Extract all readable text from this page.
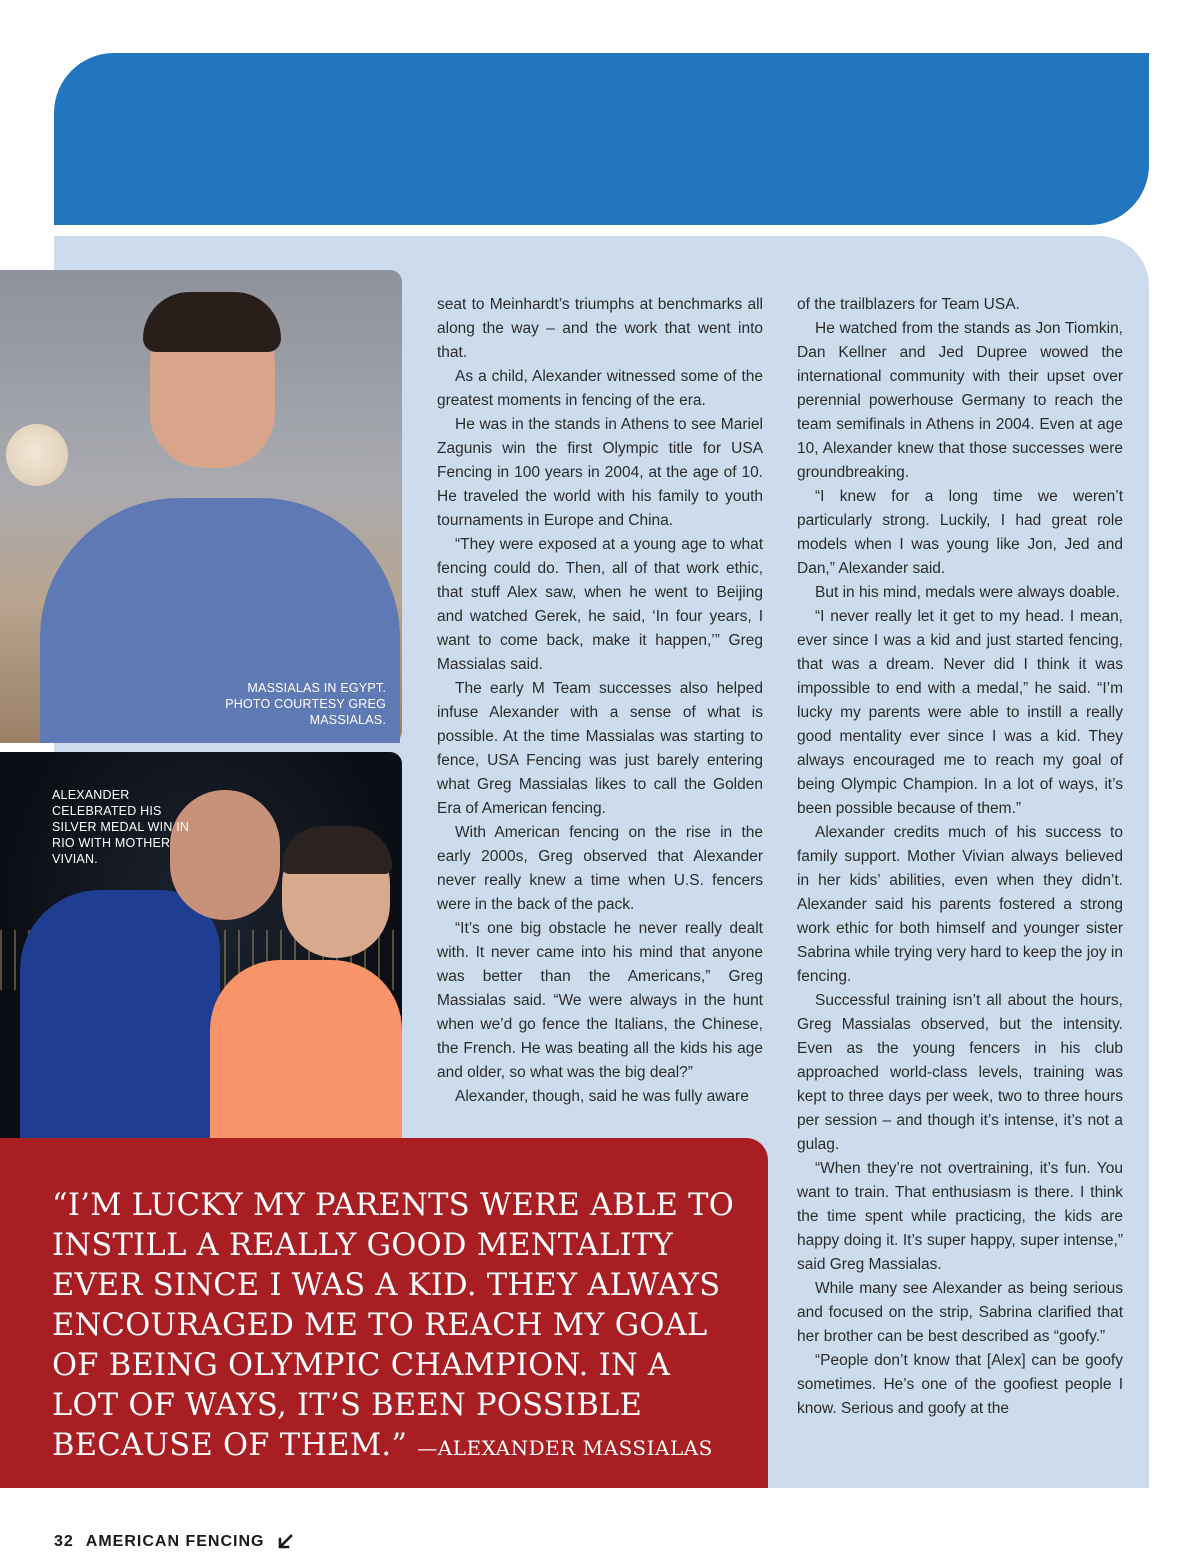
MASSIALAS IN EGYPT. PHOTO COURTESY GREG MASSIALAS.
ALEXANDER CELEBRATED HIS SILVER MEDAL WIN IN RIO WITH MOTHER VIVIAN.

seat to Meinhardt’s triumphs at benchmarks all along the way – and the work that went into that.

As a child, Alexander witnessed some of the greatest moments in fencing of the era.

He was in the stands in Athens to see Mariel Zagunis win the first Olympic title for USA Fencing in 100 years in 2004, at the age of 10. He traveled the world with his family to youth tournaments in Europe and China.

“They were exposed at a young age to what fencing could do. Then, all of that work ethic, that stuff Alex saw, when he went to Beijing and watched Gerek, he said, ‘In four years, I want to come back, make it happen,’” Greg Massialas said.

The early M Team successes also helped infuse Alexander with a sense of what is possible. At the time Massialas was starting to fence, USA Fencing was just barely entering what Greg Massialas likes to call the Golden Era of American fencing.

With American fencing on the rise in the early 2000s, Greg observed that Alexander never really knew a time when U.S. fencers were in the back of the pack.

“It’s one big obstacle he never really dealt with. It never came into his mind that anyone was better than the Americans,” Greg Massialas said. “We were always in the hunt when we’d go fence the Italians, the Chinese, the French. He was beating all the kids his age and older, so what was the big deal?”

Alexander, though, said he was fully aware

of the trailblazers for Team USA.

He watched from the stands as Jon Tiomkin, Dan Kellner and Jed Dupree wowed the international community with their upset over perennial powerhouse Germany to reach the team semifinals in Athens in 2004. Even at age 10, Alexander knew that those successes were groundbreaking.

“I knew for a long time we weren’t particularly strong. Luckily, I had great role models when I was young like Jon, Jed and Dan,” Alexander said.

But in his mind, medals were always doable.

“I never really let it get to my head. I mean, ever since I was a kid and just started fencing, that was a dream. Never did I think it was impossible to end with a medal,” he said. “I’m lucky my parents were able to instill a really good mentality ever since I was a kid. They always encouraged me to reach my goal of being Olympic Champion. In a lot of ways, it’s been possible because of them.”

Alexander credits much of his success to family support. Mother Vivian always believed in her kids’ abilities, even when they didn’t. Alexander said his parents fostered a strong work ethic for both himself and younger sister Sabrina while trying very hard to keep the joy in fencing.

Successful training isn’t all about the hours, Greg Massialas observed, but the intensity. Even as the young fencers in his club approached world-class levels, training was kept to three days per week, two to three hours per session – and though it’s intense, it’s not a gulag.

“When they’re not overtraining, it’s fun. You want to train. That enthusiasm is there. I think the time spent while practicing, the kids are happy doing it. It’s super happy, super intense,” said Greg Massialas.

While many see Alexander as being serious and focused on the strip, Sabrina clarified that her brother can be best described as “goofy.”

“People don’t know that [Alex] can be goofy sometimes. He’s one of the goofiest people I know. Serious and goofy at the

“I’M LUCKY MY PARENTS WERE ABLE TO INSTILL A REALLY GOOD MENTALITY EVER SINCE I WAS A KID. THEY ALWAYS ENCOURAGED ME TO REACH MY GOAL OF BEING OLYMPIC CHAMPION. IN A LOT OF WAYS, IT’S BEEN POSSIBLE BECAUSE OF THEM.” —ALEXANDER MASSIALAS
32 AMERICAN FENCING
